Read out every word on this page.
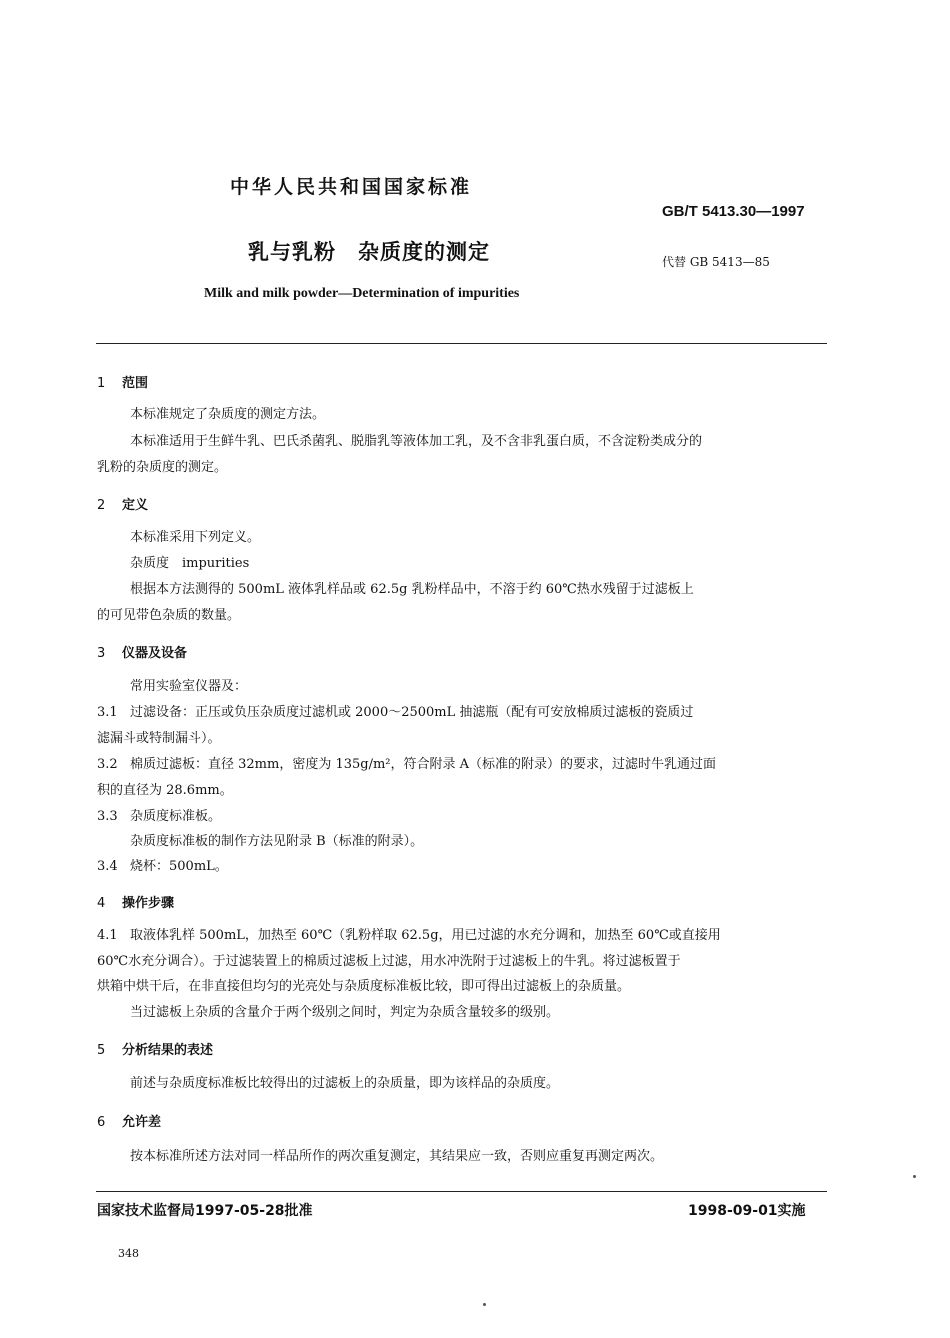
中华人民共和国国家标准
GB/T 5413.30—1997
乳与乳粉　杂质度的测定	代替 GB 5413—85
Milk and milk powder—Determination of impurities
1 范围
本标准规定了杂质度的测定方法。
本标准适用于生鲜牛乳、巴氏杀菌乳、脱脂乳等液体加工乳，及不含非乳蛋白质，不含淀粉类成分的
乳粉的杂质度的测定。
2 定义
本标准采用下列定义。
杂质度　impurities
根据本方法测得的 500mL 液体乳样品或 62.5g 乳粉样品中，不溶于约 60℃热水残留于过滤板上
的可见带色杂质的数量。
3 仪器及设备
常用实验室仪器及：
3.1 过滤设备：正压或负压杂质度过滤机或 2000～2500mL 抽滤瓶（配有可安放棉质过滤板的瓷质过
滤漏斗或特制漏斗）。
3.2 棉质过滤板：直径 32mm，密度为 135g/m²，符合附录 A（标准的附录）的要求，过滤时牛乳通过面
积的直径为 28.6mm。
3.3 杂质度标准板。
杂质度标准板的制作方法见附录 B（标准的附录）。
3.4 烧杯：500mL。
4 操作步骤
4.1 取液体乳样 500mL，加热至 60℃（乳粉样取 62.5g，用已过滤的水充分调和，加热至 60℃或直接用
60℃水充分调合）。于过滤装置上的棉质过滤板上过滤，用水冲洗附于过滤板上的牛乳。将过滤板置于
烘箱中烘干后，在非直接但均匀的光亮处与杂质度标准板比较，即可得出过滤板上的杂质量。
当过滤板上杂质的含量介于两个级别之间时，判定为杂质含量较多的级别。
5 分析结果的表述
前述与杂质度标准板比较得出的过滤板上的杂质量，即为该样品的杂质度。
6 允许差
按本标准所述方法对同一样品所作的两次重复测定，其结果应一致，否则应重复再测定两次。
国家技术监督局1997-05-28批准	1998-09-01实施
348
